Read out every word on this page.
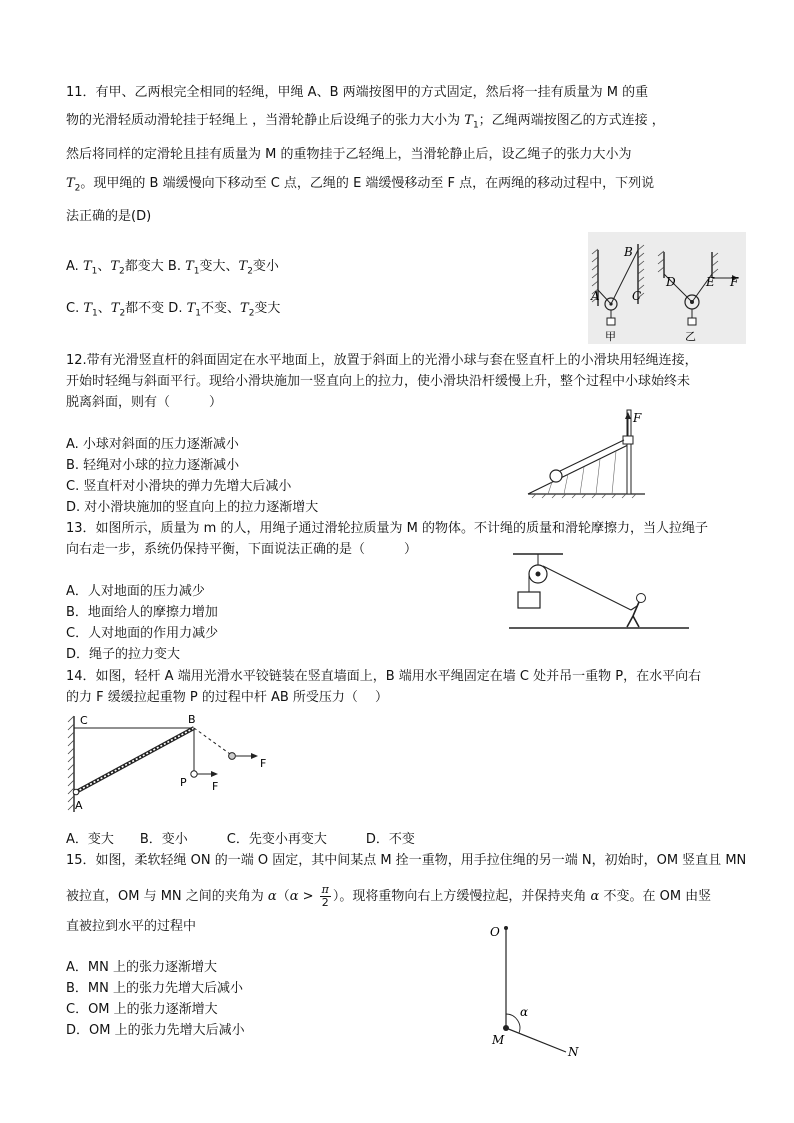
11．有甲、乙两根完全相同的轻绳，甲绳 A、B 两端按图甲的方式固定，然后将一挂有质量为 M 的重
物的光滑轻质动滑轮挂于轻绳上 ，当滑轮静止后设绳子的张力大小为 $T_1$；乙绳两端按图乙的方式连接 ，
然后将同样的定滑轮且挂有质量为 M 的重物挂于乙轻绳上，当滑轮静止后，设乙绳子的张力大小为
$T_2$。现甲绳的 B 端缓慢向下移动至 C 点，乙绳的 E 端缓慢移动至 F 点，在两绳的移动过程中，下列说
法正确的是(D)
A. $T_1$、$T_2$都变大 B. $T_1$变大、$T_2$变小
C. $T_1$、$T_2$都不变 D. $T_1$不变、$T_2$变大
A
B
C
甲
D	E F
乙
12.带有光滑竖直杆的斜面固定在水平地面上，放置于斜面上的光滑小球与套在竖直杆上的小滑块用轻绳连接，
开始时轻绳与斜面平行。现给小滑块施加一竖直向上的拉力，使小滑块沿杆缓慢上升，整个过程中小球始终未
脱离斜面，则有（　　　）
A. 小球对斜面的压力逐渐减小
B. 轻绳对小球的拉力逐渐减小
C. 竖直杆对小滑块的弹力先增大后减小
D. 对小滑块施加的竖直向上的拉力逐渐增大
F
13．如图所示，质量为 m 的人，用绳子通过滑轮拉质量为 M 的物体。不计绳的质量和滑轮摩擦力，当人拉绳子
向右走一步，系统仍保持平衡，下面说法正确的是（　　　）
A．人对地面的压力减少
B．地面给人的摩擦力增加
C．人对地面的作用力减少
D．绳子的拉力变大
14．如图，轻杆 A 端用光滑水平铰链装在竖直墙面上，B 端用水平绳固定在墙 C 处并吊一重物 P，在水平向右
的力 F 缓缓拉起重物 P 的过程中杆 AB 所受压力（　 ）
C	B
A
P F
F
A．变大　　B．变小　　　C．先变小再变大　　　D．不变
15．如图，柔软轻绳 ON 的一端 O 固定，其中间某点 M 拴一重物，用手拉住绳的另一端 N，初始时，OM 竖直且 MN
被拉直，OM 与 MN 之间的夹角为 $\alpha(\alpha > \frac{\pi}{2}$ ）。现将重物向右上方缓慢拉起，并保持夹角 α 不变。在 OM 由竖
直被拉到水平的过程中
A．MN 上的张力逐渐增大
B．MN 上的张力先增大后减小
C．OM 上的张力逐渐增大
D．OM 上的张力先增大后减小
O
M
N
α
